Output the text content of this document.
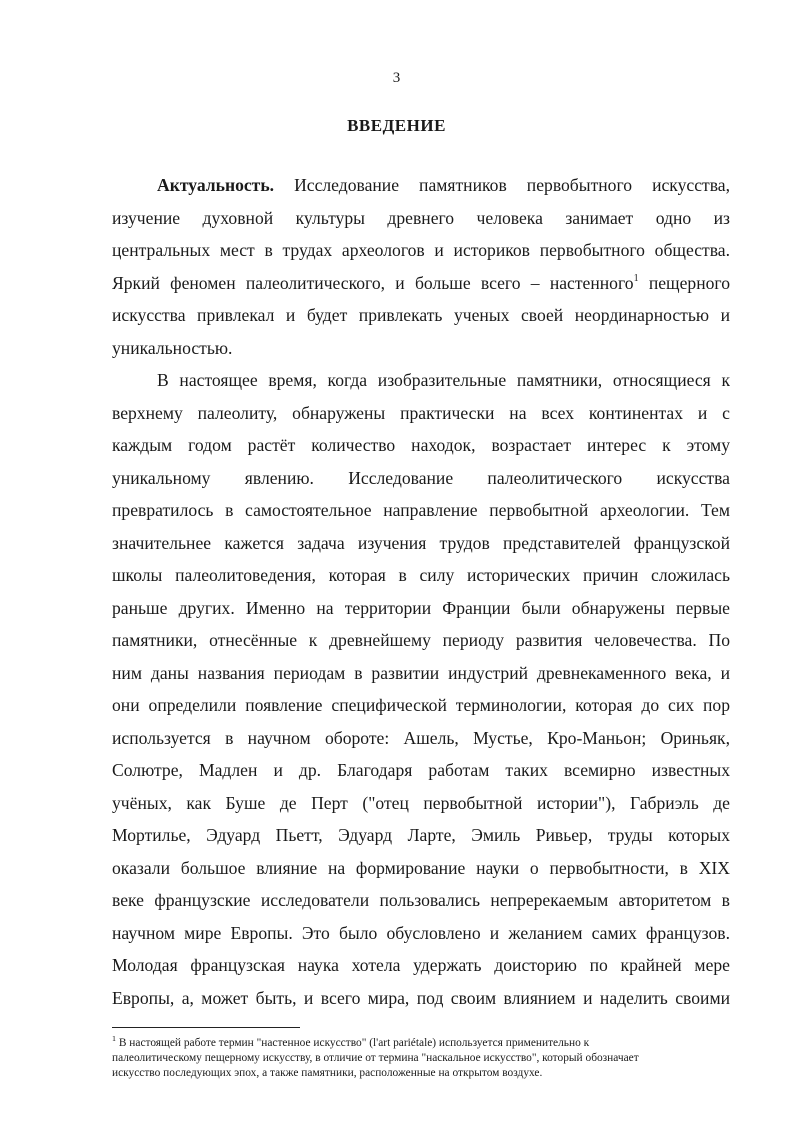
3
ВВЕДЕНИЕ
Актуальность. Исследование памятников первобытного искусства,
изучение духовной культуры древнего человека занимает одно из
центральных мест в трудах археологов и историков первобытного общества.
Яркий феномен палеолитического, и больше всего – настенного$^1$ пещерного
искусства привлекал и будет привлекать ученых своей неординарностью и
уникальностью.
В настоящее время, когда изобразительные памятники, относящиеся к
верхнему палеолиту, обнаружены практически на всех континентах и с
каждым годом растёт количество находок, возрастает интерес к этому
уникальному явлению. Исследование палеолитического искусства
превратилось в самостоятельное направление первобытной археологии. Тем
значительнее кажется задача изучения трудов представителей французской
школы палеолитоведения, которая в силу исторических причин сложилась
раньше других. Именно на территории Франции были обнаружены первые
памятники, отнесённые к древнейшему периоду развития человечества. По
ним даны названия периодам в развитии индустрий древнекаменного века, и
они определили появление специфической терминологии, которая до сих пор
используется в научном обороте: Ашель, Мустье, Кро-Маньон; Ориньяк,
Солютре, Мадлен и др. Благодаря работам таких всемирно известных
учёных, как Буше де Перт ("отец первобытной истории"), Габриэль де
Мортилье, Эдуард Пьетт, Эдуард Ларте, Эмиль Ривьер, труды которых
оказали большое влияние на формирование науки о первобытности, в XIX
веке французские исследователи пользовались непререкаемым авторитетом в
научном мире Европы. Это было обусловлено и желанием самих французов.
Молодая французская наука хотела удержать доисторию по крайней мере
Европы, а, может быть, и всего мира, под своим влиянием и наделить своими
$^1$ В настоящей работе термин "настенное искусство" (l'art pariétale) используется применительно к
палеолитическому пещерному искусству, в отличие от термина "наскальное искусство", который обозначает
искусство последующих эпох, а также памятники, расположенные на открытом воздухе.
